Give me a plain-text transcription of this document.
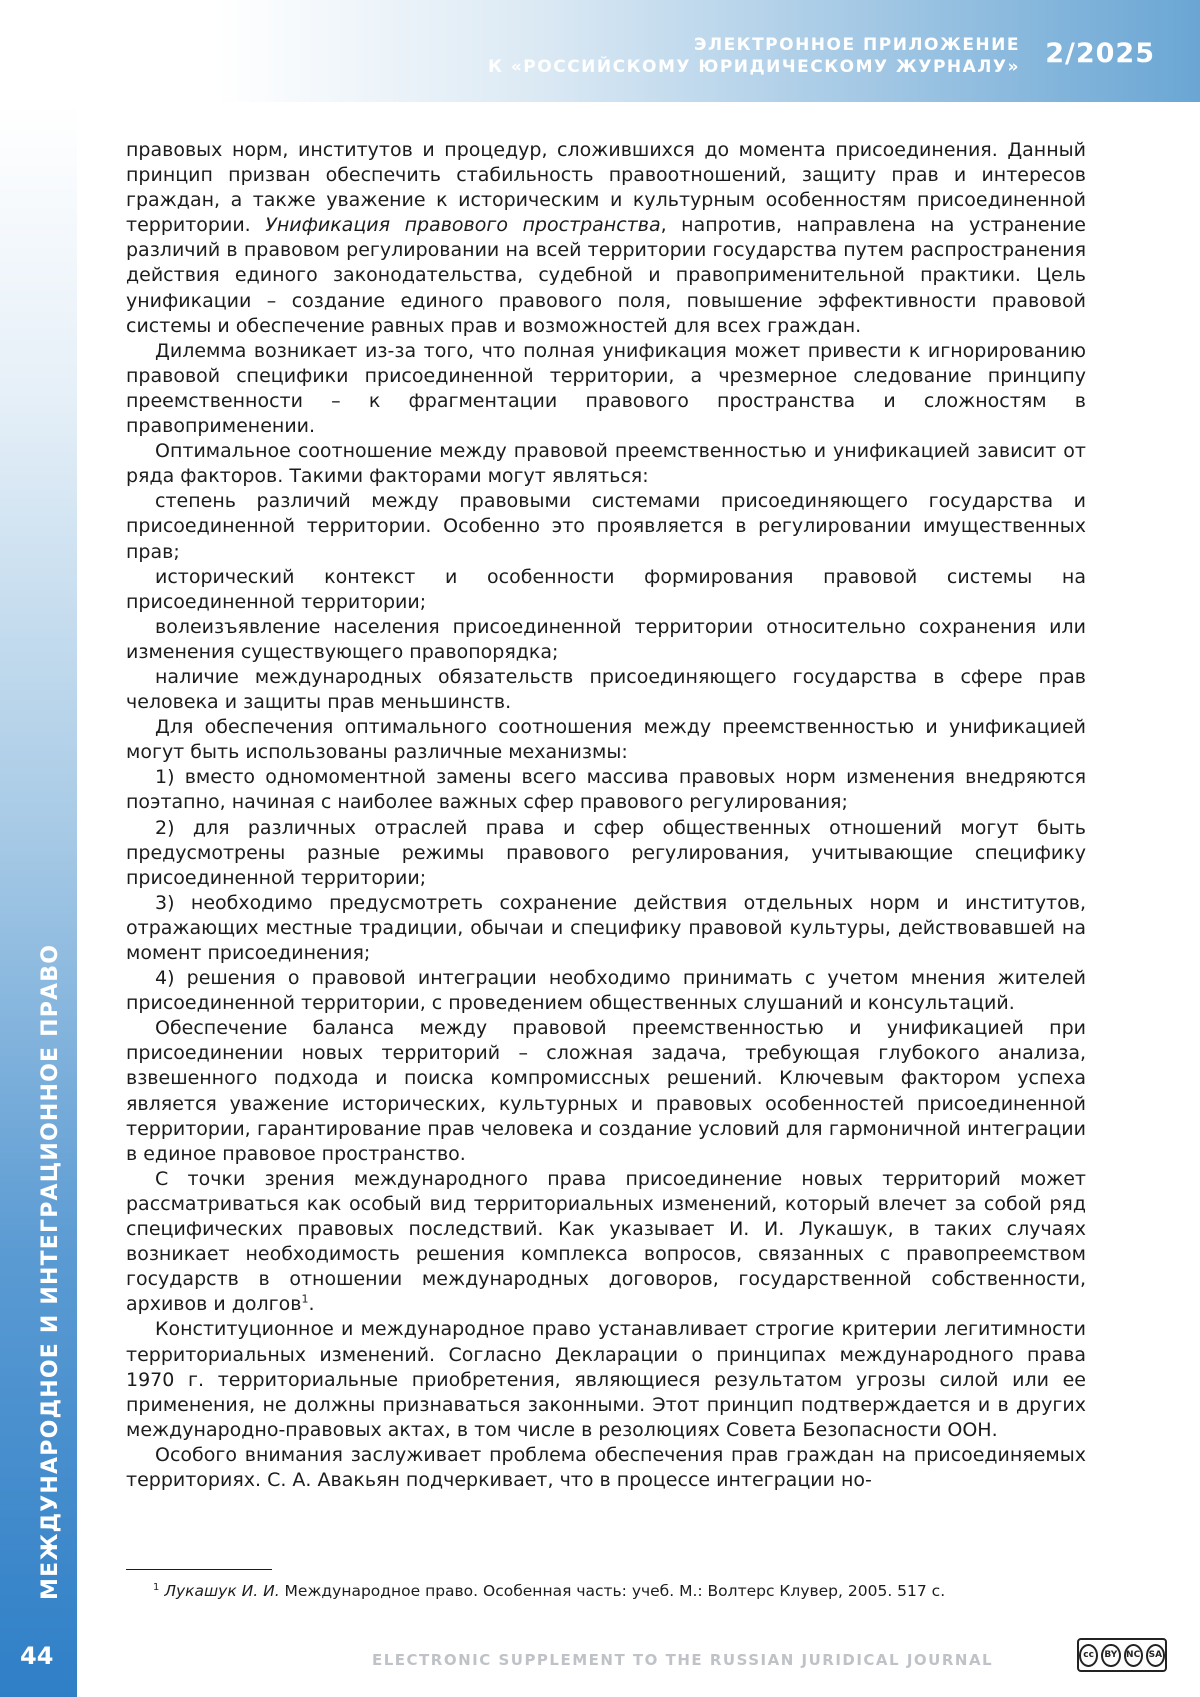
ЭЛЕКТРОННОЕ ПРИЛОЖЕНИЕ
К «РОССИЙСКОМУ ЮРИДИЧЕСКОМУ ЖУРНАЛУ» 2/2025
МЕЖДУНАРОДНОЕ И ИНТЕГРАЦИОННОЕ ПРАВО
44

правовых норм, институтов и процедур, сложившихся до момента присоединения. Данный принцип призван обеспечить стабильность правоотношений, защиту прав и интересов граждан, а также уважение к историческим и культурным особенностям присоединенной территории. Унификация правового пространства, напротив, направлена на устранение различий в правовом регулировании на всей территории государства путем распространения действия единого законодательства, судебной и правоприменительной практики. Цель унификации – создание единого правового поля, повышение эффективности правовой системы и обеспечение равных прав и возможностей для всех граждан.

Дилемма возникает из-за того, что полная унификация может привести к игнорированию правовой специфики присоединенной территории, а чрезмерное следование принципу преемственности – к фрагментации правового пространства и сложностям в правоприменении.

Оптимальное соотношение между правовой преемственностью и унификацией зависит от ряда факторов. Такими факторами могут являться:

степень различий между правовыми системами присоединяющего государства и присоединенной территории. Особенно это проявляется в регулировании имущественных прав;

исторический контекст и особенности формирования правовой системы на присоединенной территории;

волеизъявление населения присоединенной территории относительно сохранения или изменения существующего правопорядка;

наличие международных обязательств присоединяющего государства в сфере прав человека и защиты прав меньшинств.

Для обеспечения оптимального соотношения между преемственностью и унификацией могут быть использованы различные механизмы:

1) вместо одномоментной замены всего массива правовых норм изменения внедряются поэтапно, начиная с наиболее важных сфер правового регулирования;

2) для различных отраслей права и сфер общественных отношений могут быть предусмотрены разные режимы правового регулирования, учитывающие специфику присоединенной территории;

3) необходимо предусмотреть сохранение действия отдельных норм и институтов, отражающих местные традиции, обычаи и специфику правовой культуры, действовавшей на момент присоединения;

4) решения о правовой интеграции необходимо принимать с учетом мнения жителей присоединенной территории, с проведением общественных слушаний и консультаций.

Обеспечение баланса между правовой преемственностью и унификацией при присоединении новых территорий – сложная задача, требующая глубокого анализа, взвешенного подхода и поиска компромиссных решений. Ключевым фактором успеха является уважение исторических, культурных и правовых особенностей присоединенной территории, гарантирование прав человека и создание условий для гармоничной интеграции в единое правовое пространство.

С точки зрения международного права присоединение новых территорий может рассматриваться как особый вид территориальных изменений, который влечет за собой ряд специфических правовых последствий. Как указывает И. И. Лукашук, в таких случаях возникает необходимость решения комплекса вопросов, связанных с правопреемством государств в отношении международных договоров, государственной собственности, архивов и долгов$^1$.

Конституционное и международное право устанавливает строгие критерии легитимности территориальных изменений. Согласно Декларации о принципах международного права 1970 г. территориальные приобретения, являющиеся результатом угрозы силой или ее применения, не должны признаваться законными. Этот принцип подтверждается и в других международно-правовых актах, в том числе в резолюциях Совета Безопасности ООН.

Особого внимания заслуживает проблема обеспечения прав граждан на присоединяемых территориях. С. А. Авакьян подчеркивает, что в процессе интеграции но-

$^1$ Лукашук И. И. Международное право. Особенная часть: учеб. М.: Волтерс Клувер, 2005. 517 с.
ELECTRONIC SUPPLEMENT TO THE RUSSIAN JURIDICAL JOURNAL	cc	BY NC SA
